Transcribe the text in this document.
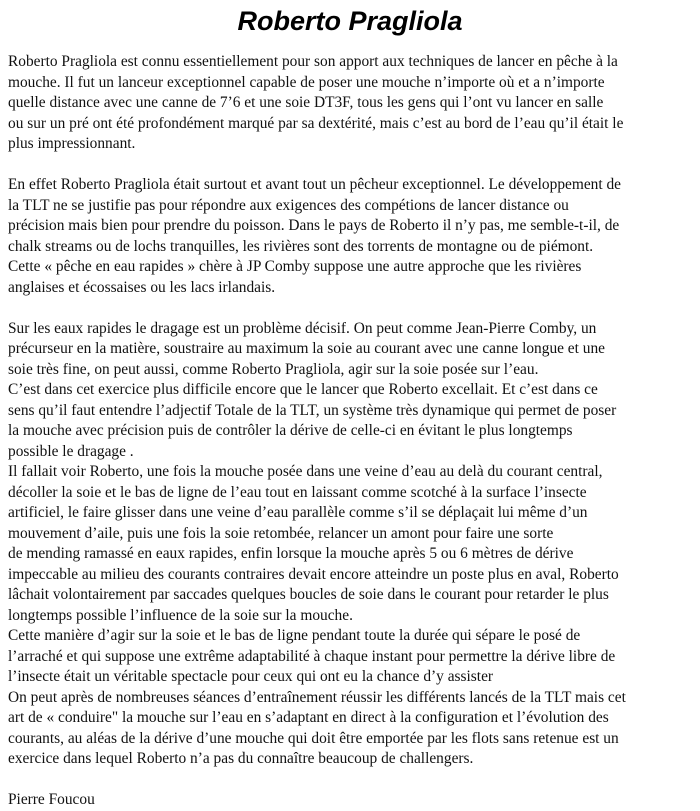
Roberto Pragliola

Roberto Pragliola est connu essentiellement pour son apport aux techniques de lancer en pêche à la
mouche. Il fut un lanceur exceptionnel capable de poser une mouche n’importe où et a n’importe
quelle distance avec une canne de 7’6 et une soie DT3F, tous les gens qui l’ont vu lancer en salle
ou sur un pré ont été profondément marqué par sa dextérité, mais c’est au bord de l’eau qu’il était le
plus impressionnant.

En effet Roberto Pragliola était surtout et avant tout un pêcheur exceptionnel. Le développement de
la TLT ne se justifie pas pour répondre aux exigences des compétions de lancer distance ou
précision mais bien pour prendre du poisson. Dans le pays de Roberto il n’y pas, me semble-t-il, de
chalk streams ou de lochs tranquilles, les rivières sont des torrents de montagne ou de piémont.
Cette « pêche en eau rapides » chère à JP Comby suppose une autre approche que les rivières
anglaises et écossaises ou les lacs irlandais.

Sur les eaux rapides le dragage est un problème décisif. On peut comme Jean-Pierre Comby, un
précurseur en la matière, soustraire au maximum la soie au courant avec une canne longue et une
soie très fine, on peut aussi, comme Roberto Pragliola, agir sur la soie posée sur l’eau.
C’est dans cet exercice plus difficile encore que le lancer que Roberto excellait. Et c’est dans ce
sens qu’il faut entendre l’adjectif Totale de la TLT, un système très dynamique qui permet de poser
la mouche avec précision puis de contrôler la dérive de celle-ci en évitant le plus longtemps
possible le dragage .
Il fallait voir Roberto, une fois la mouche posée dans une veine d’eau au delà du courant central,
décoller la soie et le bas de ligne de l’eau tout en laissant comme scotché à la surface l’insecte
artificiel, le faire glisser dans une veine d’eau parallèle comme s’il se déplaçait lui même d’un
mouvement d’aile, puis une fois la soie retombée, relancer un amont pour faire une sorte
de mending ramassé en eaux rapides, enfin lorsque la mouche après 5 ou 6 mètres de dérive
impeccable au milieu des courants contraires devait encore atteindre un poste plus en aval, Roberto
lâchait volontairement par saccades quelques boucles de soie dans le courant pour retarder le plus
longtemps possible l’influence de la soie sur la mouche.
Cette manière d’agir sur la soie et le bas de ligne pendant toute la durée qui sépare le posé de
l’arraché et qui suppose une extrême adaptabilité à chaque instant pour permettre la dérive libre de
l’insecte était un véritable spectacle pour ceux qui ont eu la chance d’y assister
On peut après de nombreuses séances d’entraînement réussir les différents lancés de la TLT mais cet
art de « conduire" la mouche sur l’eau en s’adaptant en direct à la configuration et l’évolution des
courants, au aléas de la dérive d’une mouche qui doit être emportée par les flots sans retenue est un
exercice dans lequel Roberto n’a pas du connaître beaucoup de challengers.

Pierre Foucou
